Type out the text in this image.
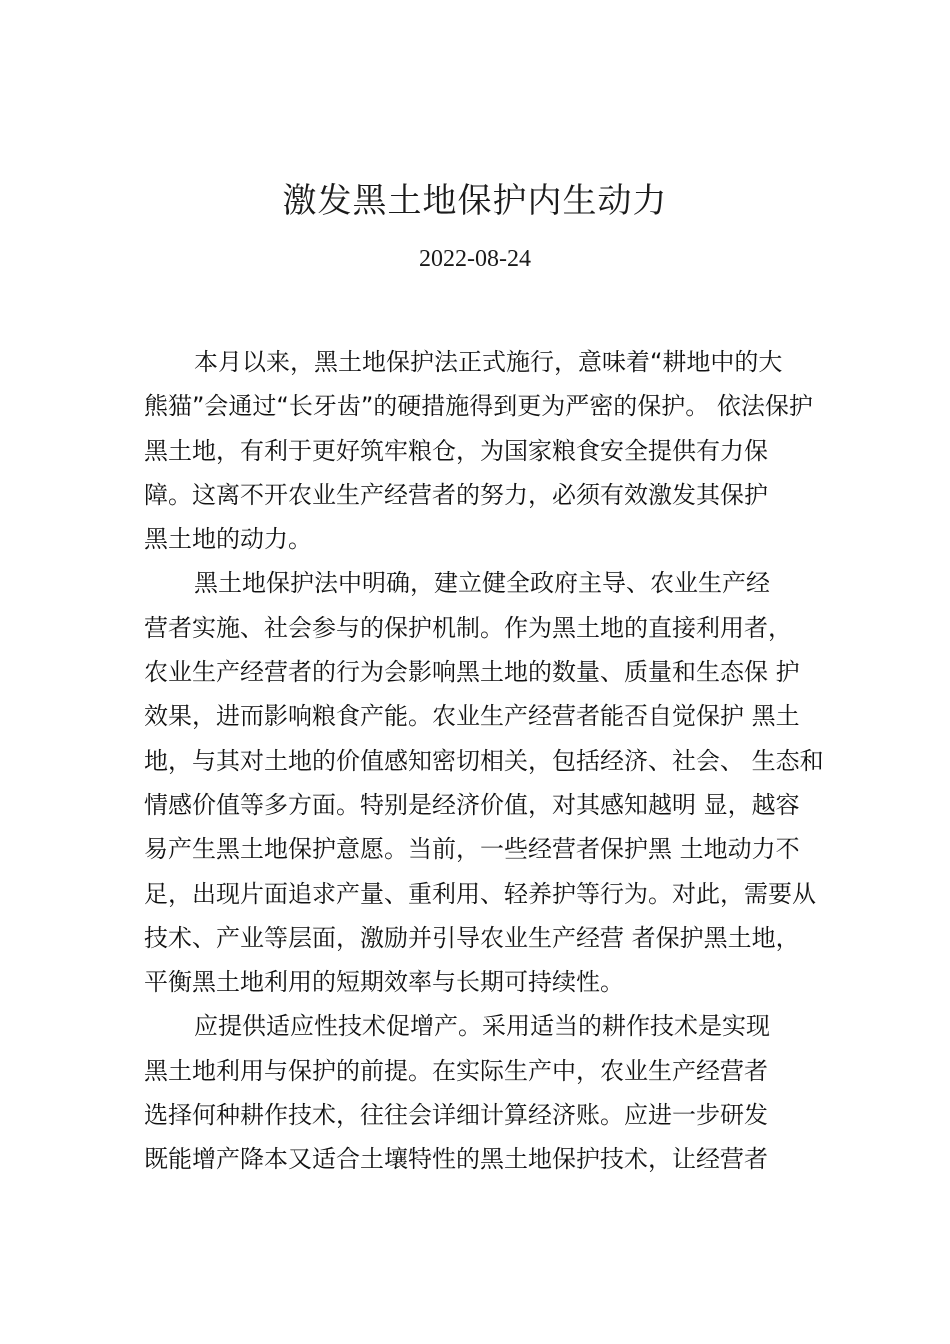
激发黑土地保护内生动力
2022-08-24

本月以来，黑土地保护法正式施行，意味着“耕地中的大
熊猫”会通过“长牙齿”的硬措施得到更为严密的保护。 依法保护
黑土地，有利于更好筑牢粮仓，为国家粮食安全提供有力保
障。这离不开农业生产经营者的努力，必须有效激发其保护
黑土地的动力。

黑土地保护法中明确，建立健全政府主导、农业生产经
营者实施、社会参与的保护机制。作为黑土地的直接利用者，
农业生产经营者的行为会影响黑土地的数量、质量和生态保 护
效果，进而影响粮食产能。农业生产经营者能否自觉保护 黑土
地，与其对土地的价值感知密切相关，包括经济、社会、 生态和
情感价值等多方面。特别是经济价值，对其感知越明 显，越容
易产生黑土地保护意愿。当前，一些经营者保护黑 土地动力不
足，出现片面追求产量、重利用、轻养护等行为。对此，需要从
技术、产业等层面，激励并引导农业生产经营 者保护黑土地，
平衡黑土地利用的短期效率与长期可持续性。

应提供适应性技术促增产。采用适当的耕作技术是实现
黑土地利用与保护的前提。在实际生产中，农业生产经营者
选择何种耕作技术，往往会详细计算经济账。应进一步研发
既能增产降本又适合土壤特性的黑土地保护技术，让经营者
